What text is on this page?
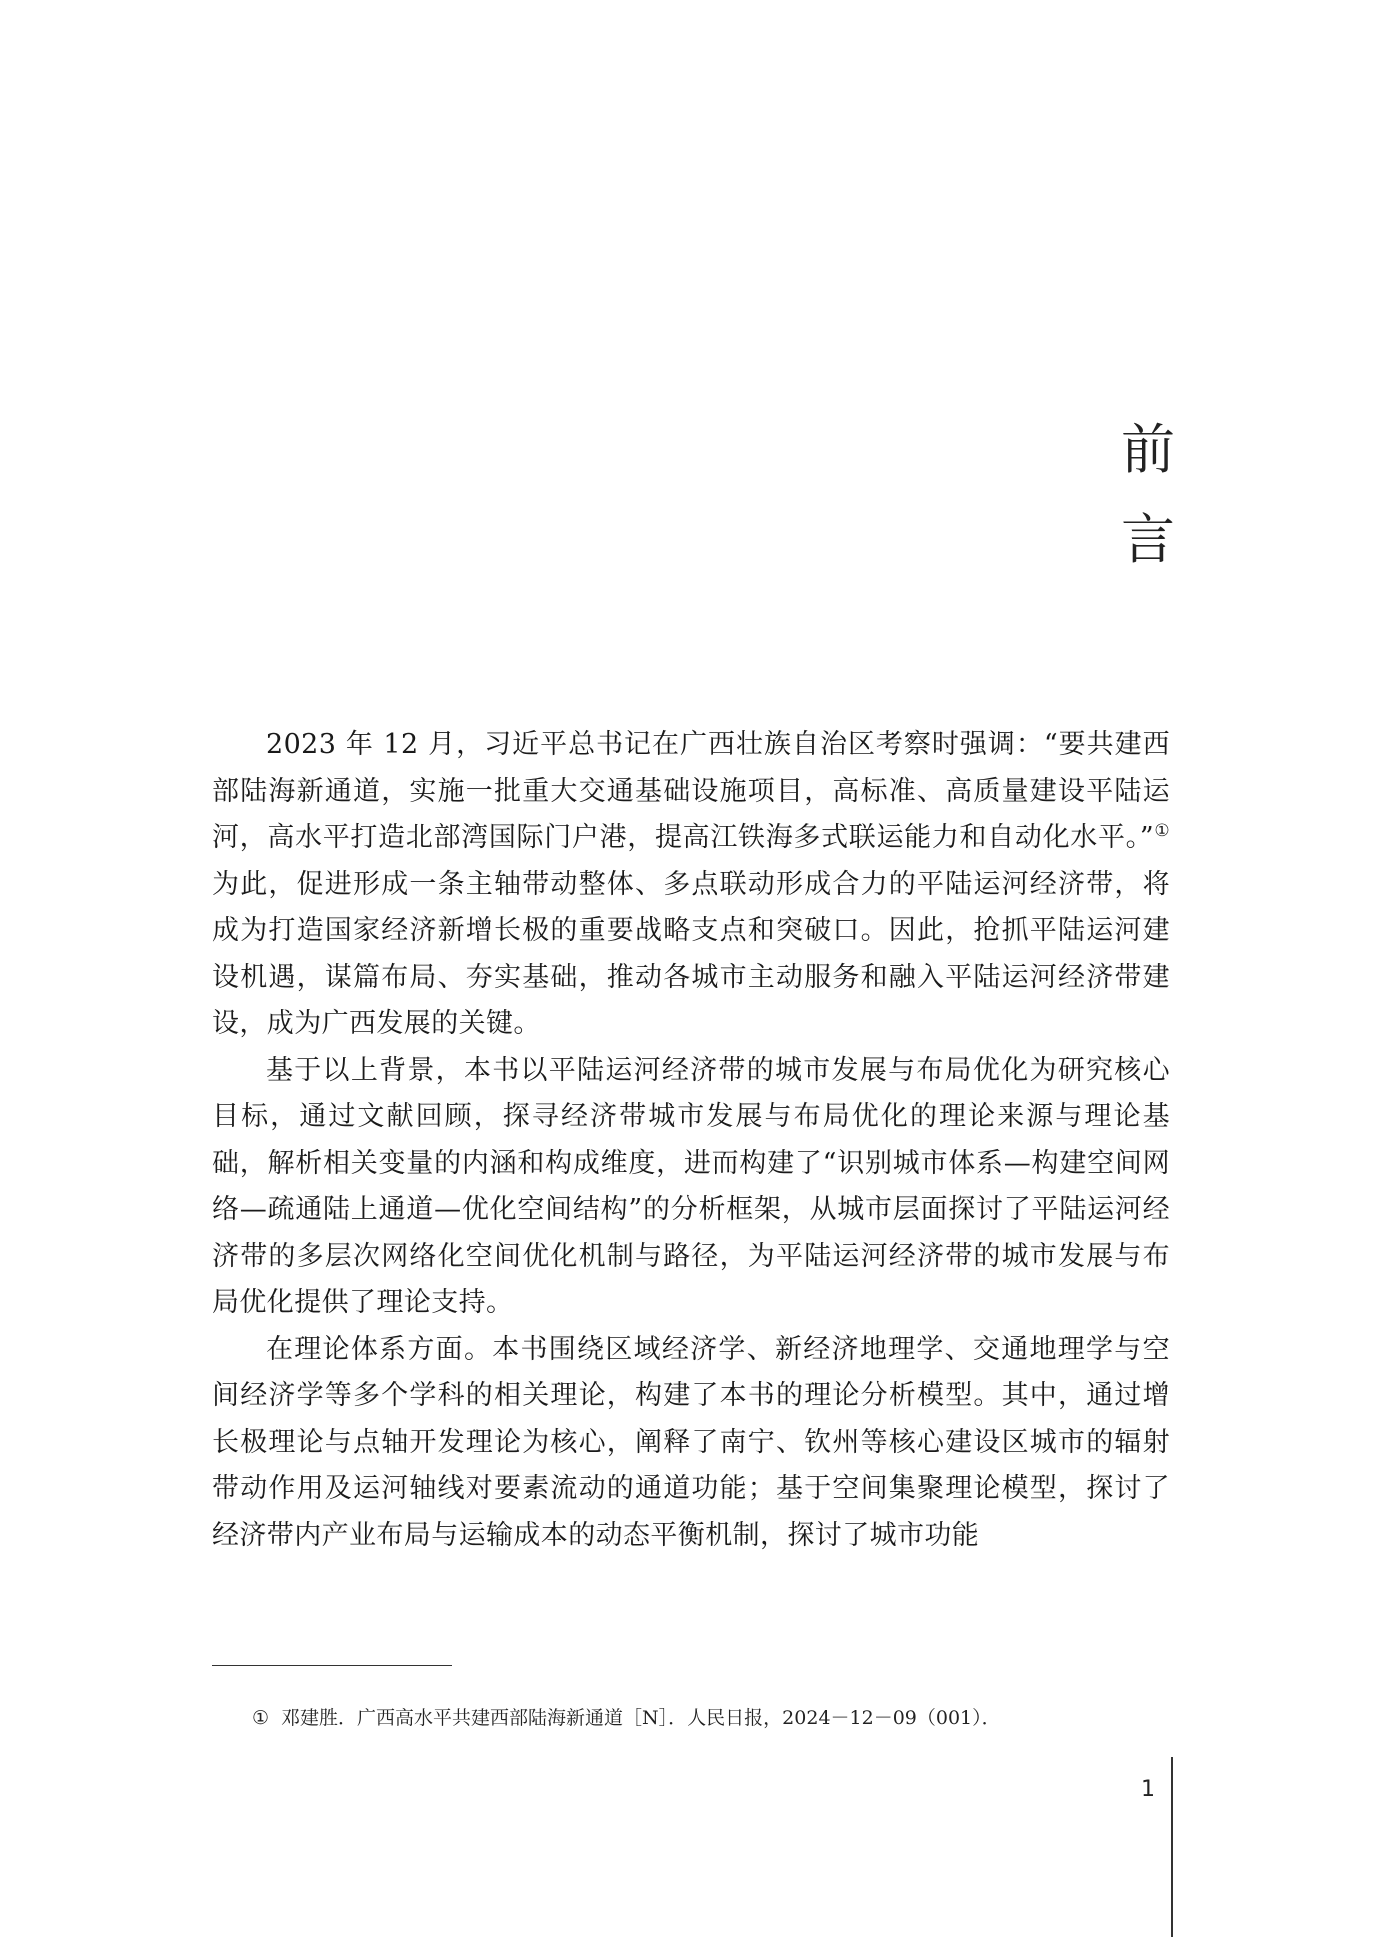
前
言

2023 年 12 月，习近平总书记在广西壮族自治区考察时强调：“要共建西部陆海新通道，实施一批重大交通基础设施项目，高标准、高质量建设平陆运河，高水平打造北部湾国际门户港，提高江铁海多式联运能力和自动化水平。”① 为此，促进形成一条主轴带动整体、多点联动形成合力的平陆运河经济带，将成为打造国家经济新增长极的重要战略支点和突破口。因此，抢抓平陆运河建设机遇，谋篇布局、夯实基础，推动各城市主动服务和融入平陆运河经济带建设，成为广西发展的关键。

基于以上背景，本书以平陆运河经济带的城市发展与布局优化为研究核心目标，通过文献回顾，探寻经济带城市发展与布局优化的理论来源与理论基础，解析相关变量的内涵和构成维度，进而构建了“识别城市体系—构建空间网络—疏通陆上通道—优化空间结构”的分析框架，从城市层面探讨了平陆运河经济带的多层次网络化空间优化机制与路径，为平陆运河经济带的城市发展与布局优化提供了理论支持。

在理论体系方面。本书围绕区域经济学、新经济地理学、交通地理学与空间经济学等多个学科的相关理论，构建了本书的理论分析模型。其中，通过增长极理论与点轴开发理论为核心，阐释了南宁、钦州等核心建设区城市的辐射带动作用及运河轴线对要素流动的通道功能；基于空间集聚理论模型，探讨了经济带内产业布局与运输成本的动态平衡机制，探讨了城市功能

① 邓建胜．广西高水平共建西部陆海新通道［N］．人民日报，2024－12－09（001）．
1
